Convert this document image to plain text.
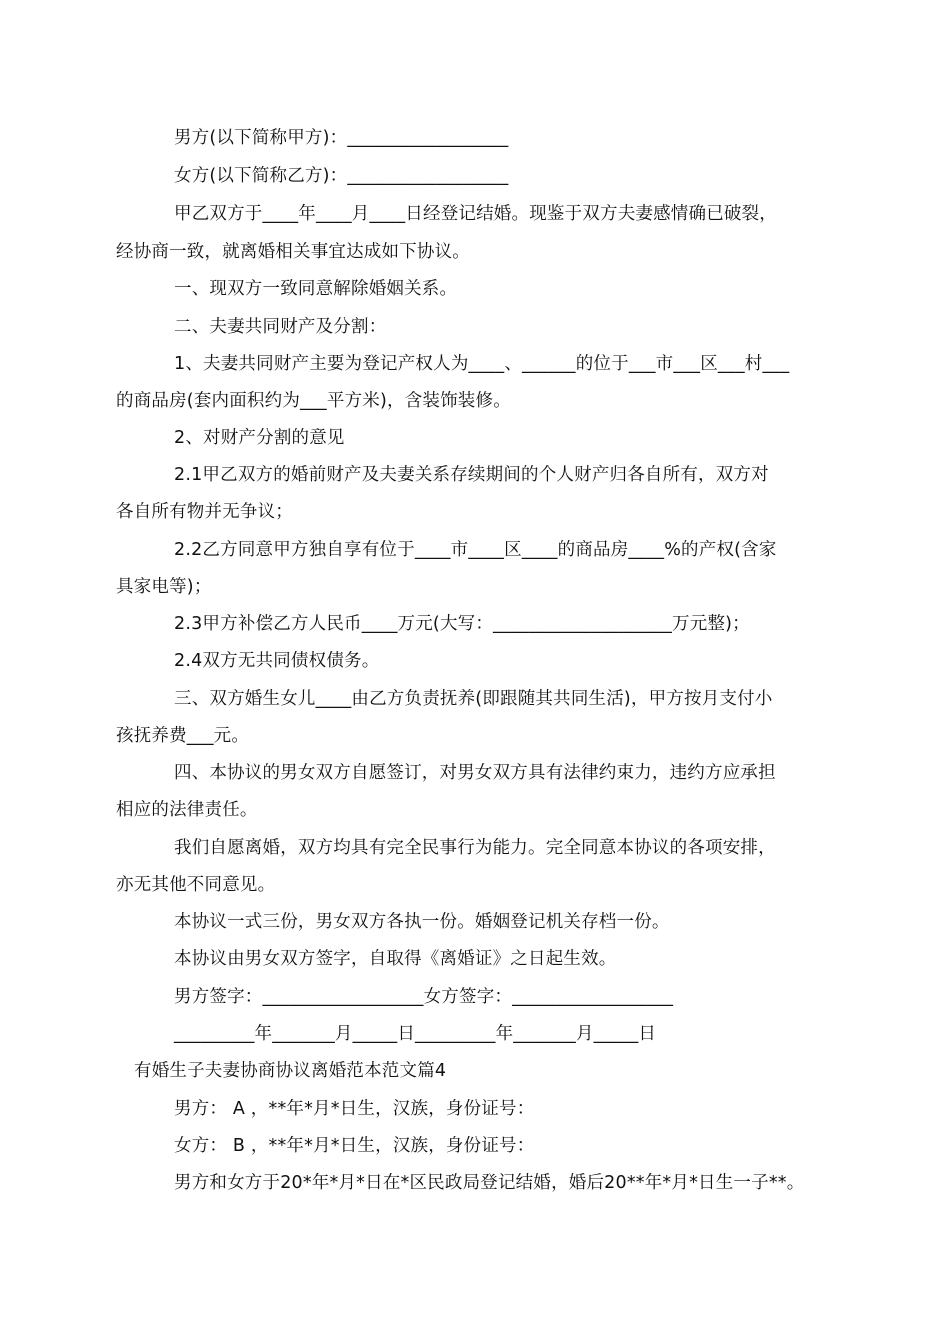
男方(以下简称甲方)：__________________

女方(以下简称乙方)：__________________

甲乙双方于____年____月____日经登记结婚。现鉴于双方夫妻感情确已破裂，

经协商一致，就离婚相关事宜达成如下协议。

一、现双方一致同意解除婚姻关系。

二、夫妻共同财产及分割：

1、夫妻共同财产主要为登记产权人为____、______的位于___市___区___村___

的商品房(套内面积约为___平方米)，含装饰装修。

2、对财产分割的意见

2.1甲乙双方的婚前财产及夫妻关系存续期间的个人财产归各自所有，双方对

各自所有物并无争议；

2.2乙方同意甲方独自享有位于____市____区____的商品房____%的产权(含家

具家电等)；

2.3甲方补偿乙方人民币____万元(大写：____________________万元整)；

2.4双方无共同债权债务。

三、双方婚生女儿____由乙方负责抚养(即跟随其共同生活)，甲方按月支付小

孩抚养费___元。

四、本协议的男女双方自愿签订，对男女双方具有法律约束力，违约方应承担

相应的法律责任。

我们自愿离婚，双方均具有完全民事行为能力。完全同意本协议的各项安排，

亦无其他不同意见。

本协议一式三份，男女双方各执一份。婚姻登记机关存档一份。

本协议由男女双方签字，自取得《离婚证》之日起生效。

男方签字：__________________女方签字：__________________

_________年_______月_____日_________年_______月_____日

有婚生子夫妻协商协议离婚范本范文篇4

男方： A ，**年*月*日生，汉族，身份证号：

女方： B ，**年*月*日生，汉族，身份证号：

男方和女方于20*年*月*日在*区民政局登记结婚，婚后20**年*月*日生一子**。
